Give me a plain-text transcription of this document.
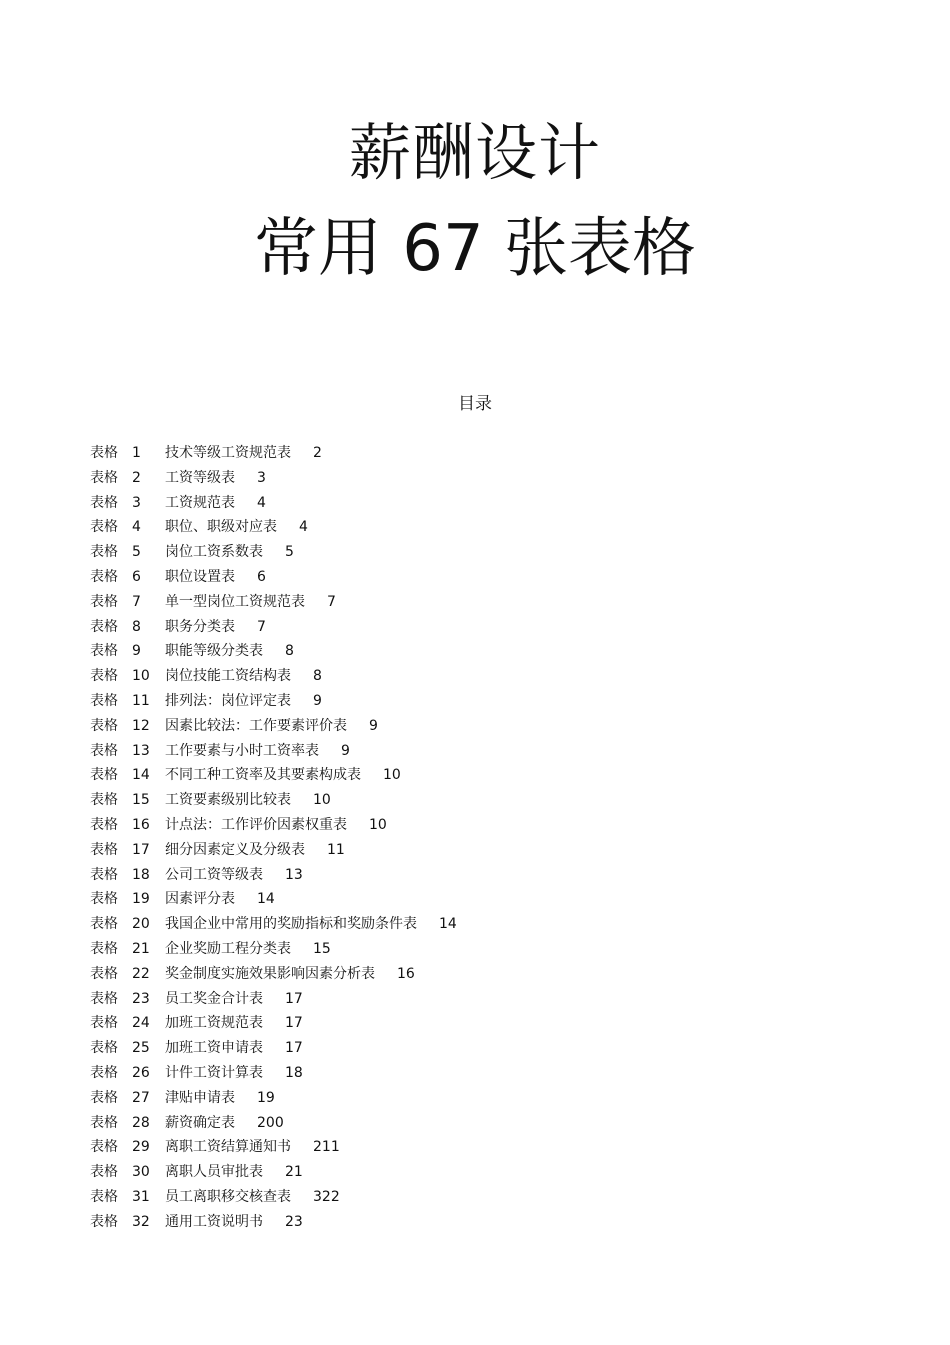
薪酬设计
常用 67 张表格
目录
表格 1 技术等级工资规范表 2
表格 2 工资等级表 3
表格 3 工资规范表 4
表格 4 职位、职级对应表 4
表格 5 岗位工资系数表 5
表格 6 职位设置表 6
表格 7 单一型岗位工资规范表 7
表格 8 职务分类表 7
表格 9 职能等级分类表 8
表格 10 岗位技能工资结构表 8
表格 11 排列法：岗位评定表 9
表格 12 因素比较法：工作要素评价表 9
表格 13 工作要素与小时工资率表 9
表格 14 不同工种工资率及其要素构成表 10
表格 15 工资要素级别比较表 10
表格 16 计点法：工作评价因素权重表 10
表格 17 细分因素定义及分级表 11
表格 18 公司工资等级表 13
表格 19 因素评分表 14
表格 20 我国企业中常用的奖励指标和奖励条件表 14
表格 21 企业奖励工程分类表 15
表格 22 奖金制度实施效果影响因素分析表 16
表格 23 员工奖金合计表 17
表格 24 加班工资规范表 17
表格 25 加班工资申请表 17
表格 26 计件工资计算表 18
表格 27 津贴申请表 19
表格 28 薪资确定表 200
表格 29 离职工资结算通知书 211
表格 30 离职人员审批表 21
表格 31 员工离职移交核查表 322
表格 32 通用工资说明书 23
